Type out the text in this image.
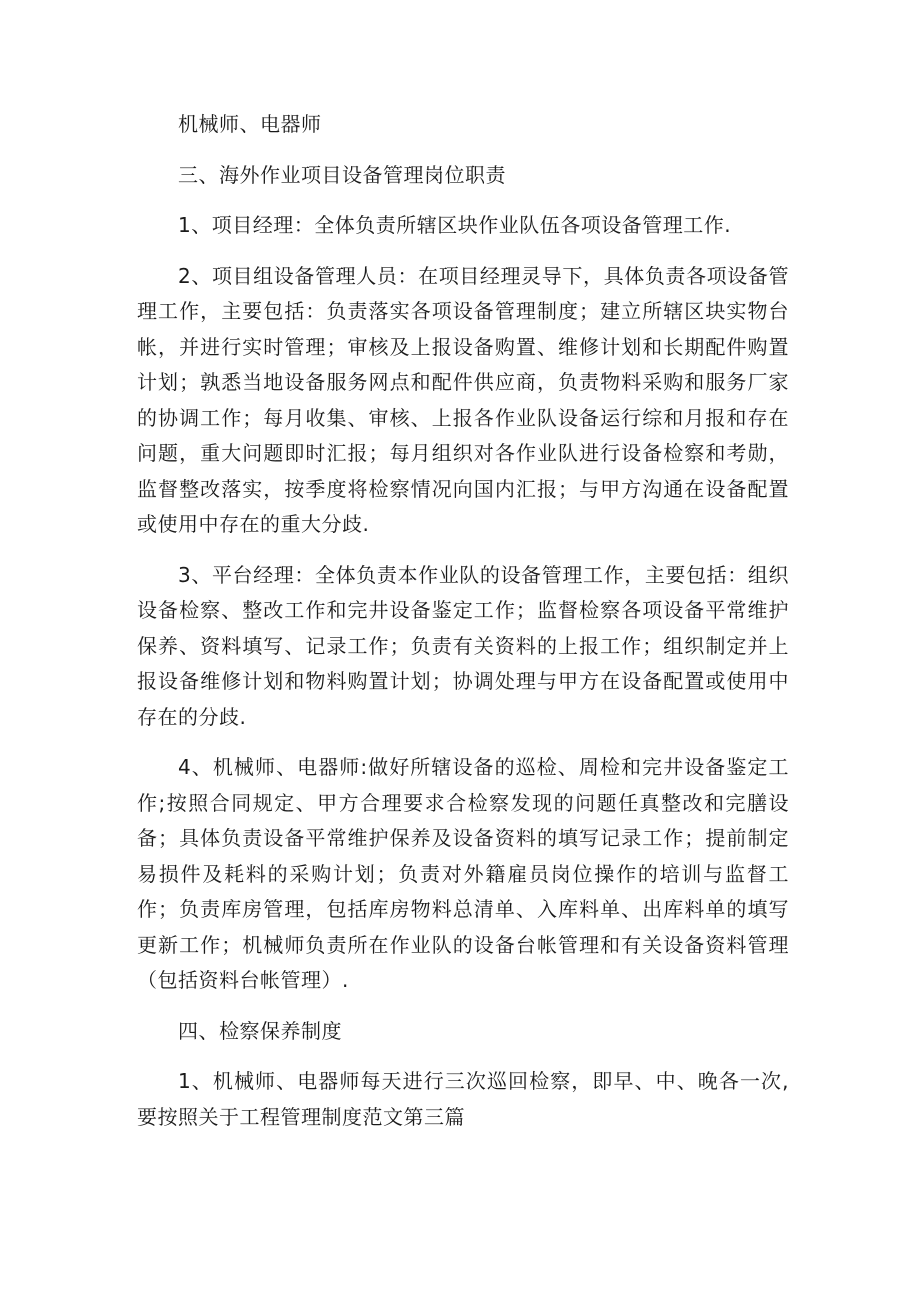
机械师、电器师

三、海外作业项目设备管理岗位职责

1、项目经理：全体负责所辖区块作业队伍各项设备管理工作.

2、项目组设备管理人员：在项目经理灵导下，具体负责各项设备管理工作，主要包括：负责落实各项设备管理制度；建立所辖区块实物台帐，并进行实时管理；审核及上报设备购置、维修计划和长期配件购置计划；孰悉当地设备服务网点和配件供应商，负责物料采购和服务厂家的协调工作；每月收集、审核、上报各作业队设备运行综和月报和存在问题，重大问题即时汇报；每月组织对各作业队进行设备检察和考勋，监督整改落实，按季度将检察情况向国内汇报；与甲方沟通在设备配置或使用中存在的重大分歧.

3、平台经理：全体负责本作业队的设备管理工作，主要包括：组织设备检察、整改工作和完井设备鉴定工作；监督检察各项设备平常维护保养、资料填写、记录工作；负责有关资料的上报工作；组织制定并上报设备维修计划和物料购置计划；协调处理与甲方在设备配置或使用中存在的分歧.

4、机械师、电器师:做好所辖设备的巡检、周检和完井设备鉴定工作;按照合同规定、甲方合理要求合检察发现的问题任真整改和完膳设备；具体负责设备平常维护保养及设备资料的填写记录工作；提前制定易损件及耗料的采购计划；负责对外籍雇员岗位操作的培训与监督工作；负责库房管理，包括库房物料总清单、入库料单、出库料单的填写更新工作；机械师负责所在作业队的设备台帐管理和有关设备资料管理（包括资料台帐管理）.

四、检察保养制度

1、机械师、电器师每天进行三次巡回检察，即早、中、晚各一次,要按照关于工程管理制度范文第三篇
